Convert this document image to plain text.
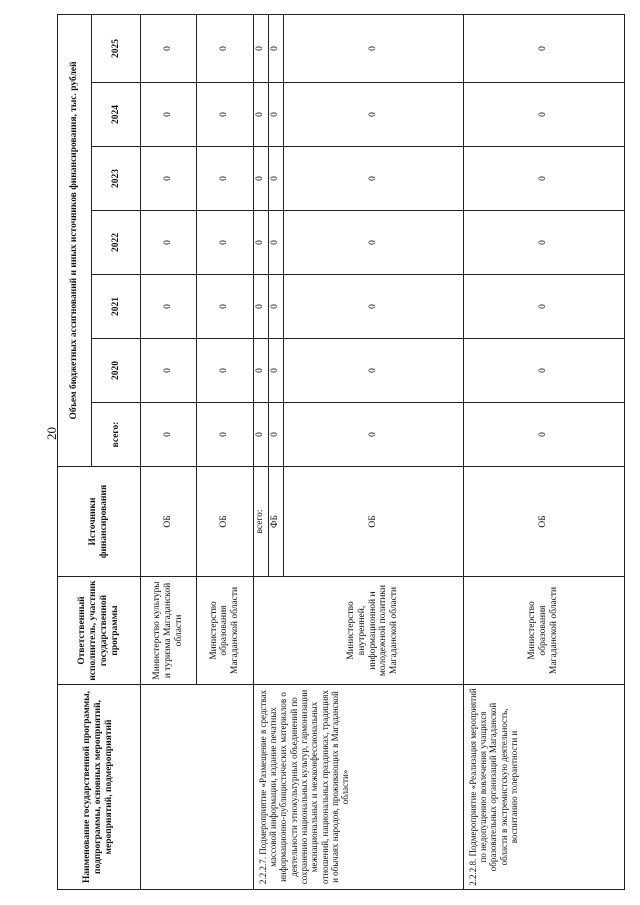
20
Наименование государственной программы, подпрограммы, основных мероприятий, мероприятий, подмероприятий	Ответственный исполнитель, участник государственной программы	Источники финансирования	Объем бюджетных ассигнований и иных источников финансирования, тыс. рублей						
			всего:	2020	2021	2022	2023	2024	2025
	Министерство культуры и туризма Магаданской области	ОБ	0	0	0	0	0	0	0
	Министерство образования Магаданской области	ОБ	0	0	0	0	0	0	0
2.2.2.7. Подмероприятие «Размещение в средствах массовой информации, издание печатных информационно-публицистических материалов о деятельности этнокультурных объединений по сохранению национальных культур, гармонизации межнациональных и межконфессиональных отношений, национальных праздниках, традициях и обычаях народов, проживающих в Магаданской области»		всего:	0	0	0	0	0	0	0
		ФБ	0	0	0	0	0	0	0
	Министерство внутренней, информационной и молодежной политики Магаданской области	ОБ	0	0	0	0	0	0	0
2.2.2.8. Подмероприятие «Реализация мероприятий по недопущению вовлечения учащихся образовательных организаций Магаданской области в экстремистскую деятельность, воспитанию толерантности и	Министерство образования Магаданской области	ОБ	0	0	0	0	0	0	0
